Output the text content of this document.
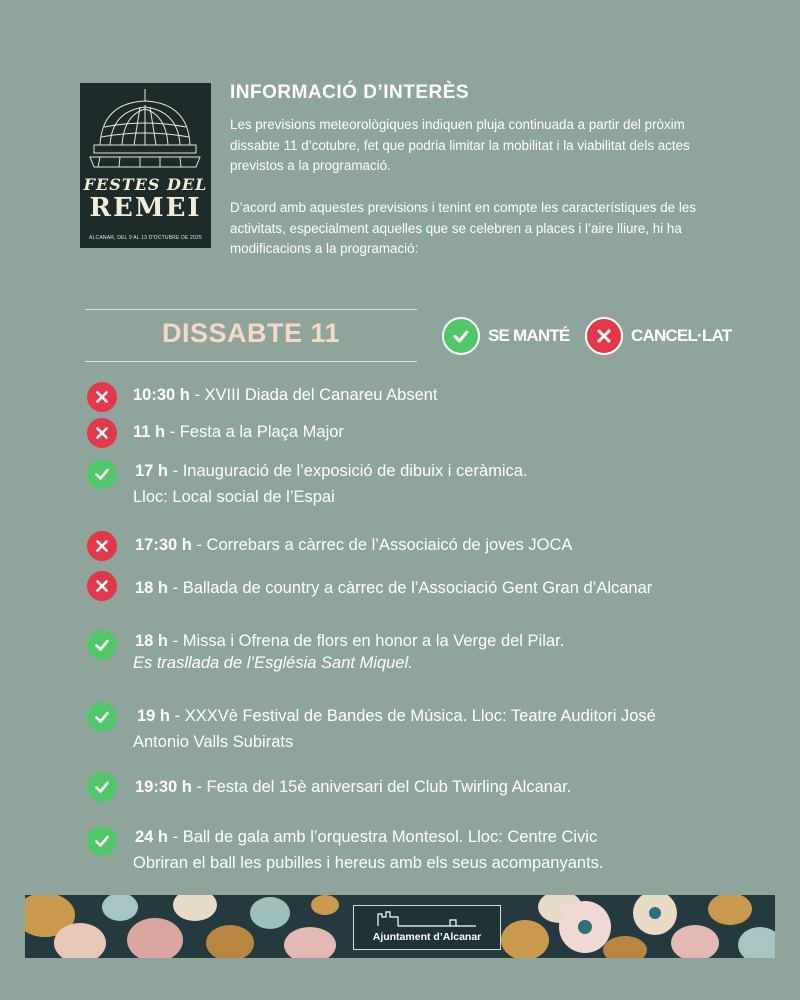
FESTES DEL
REMEI
ALCANAR, DEL 9 AL 13 D'OCTUBRE DE 2025
INFORMACIÓ D’INTERÈS
Les previsions meteorològiques indiquen pluja continuada a partir del pròxim dissabte 11 d’cotubre, fet que podria limitar la mobilitat i la viabilitat dels actes previstos a la programació.
D’acord amb aquestes previsions i tenint en compte les característiques de les activitats, especialment aquelles que se celebren a places i l’aire lliure, hi ha modificacions a la programació:
DISSABTE 11	SE MANTÉ	CANCEL·LAT
10:30 h - XVIII Diada del Canareu Absent
11 h - Festa a la Plaça Major
17 h - Inauguració de l’exposició de dibuix i ceràmica.
Lloc: Local social de l’Espai
17:30 h - Correbars a càrrec de l’Associaicó de joves JOCA
18 h - Ballada de country a càrrec de l’Associació Gent Gran d’Alcanar
18 h - Missa i Ofrena de flors en honor a la Verge del Pilar.
Es trasllada de l’Església Sant Miquel.
19 h - XXXVè Festival de Bandes de Música. Lloc: Teatre Auditori José
Antonio Valls Subirats
19:30 h - Festa del 15è aniversari del Club Twirling Alcanar.
24 h - Ball de gala amb l’orquestra Montesol. Lloc: Centre Civic
Obriran el ball les pubilles i hereus amb els seus acompanyants.
Ajuntament d’Alcanar
